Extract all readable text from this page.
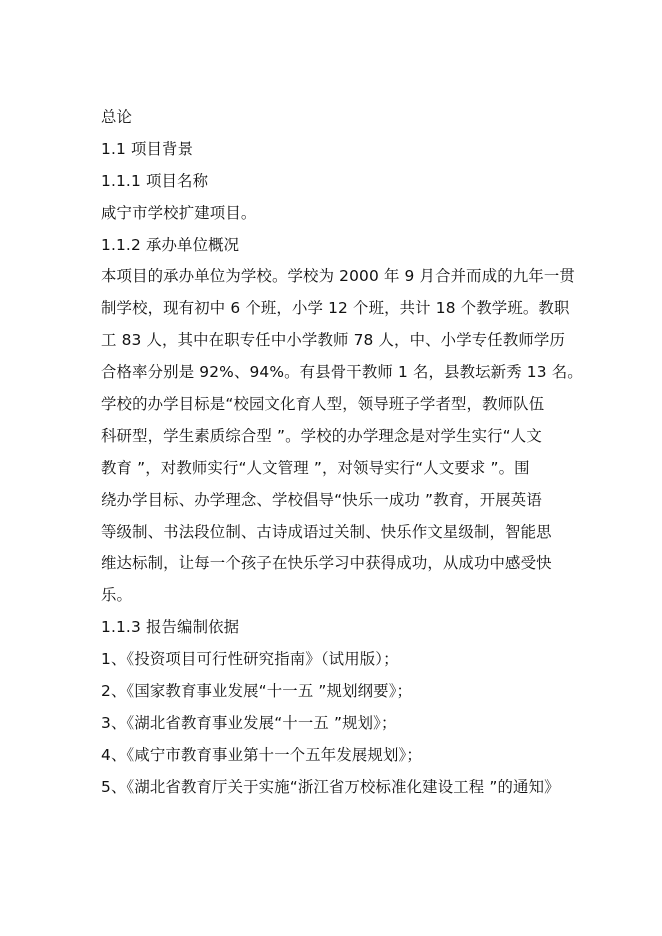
总论
1.1 项目背景
1.1.1 项目名称
咸宁市学校扩建项目。
1.1.2 承办单位概况
本项目的承办单位为学校。学校为 2000 年 9 月合并而成的九年一贯
制学校，现有初中 6 个班，小学 12 个班，共计 18 个教学班。教职
工 83 人，其中在职专任中小学教师 78 人，中、小学专任教师学历
合格率分别是 92%、94%。有县骨干教师 1 名，县教坛新秀 13 名。
学校的办学目标是“校园文化育人型，领导班子学者型，教师队伍
科研型，学生素质综合型 ”。学校的办学理念是对学生实行“人文
教育 ”，对教师实行“人文管理 ”，对领导实行“人文要求 ”。围
绕办学目标、办学理念、学校倡导“快乐一成功 ”教育，开展英语
等级制、书法段位制、古诗成语过关制、快乐作文星级制，智能思
维达标制，让每一个孩子在快乐学习中获得成功，从成功中感受快
乐。
1.1.3 报告编制依据
1、《投资项目可行性研究指南》（试用版）；
2、《国家教育事业发展“十一五 ”规划纲要》；
3、《湖北省教育事业发展“十一五 ”规划》；
4、《咸宁市教育事业第十一个五年发展规划》；
5、《湖北省教育厅关于实施“浙江省万校标准化建设工程 ”的通知》
